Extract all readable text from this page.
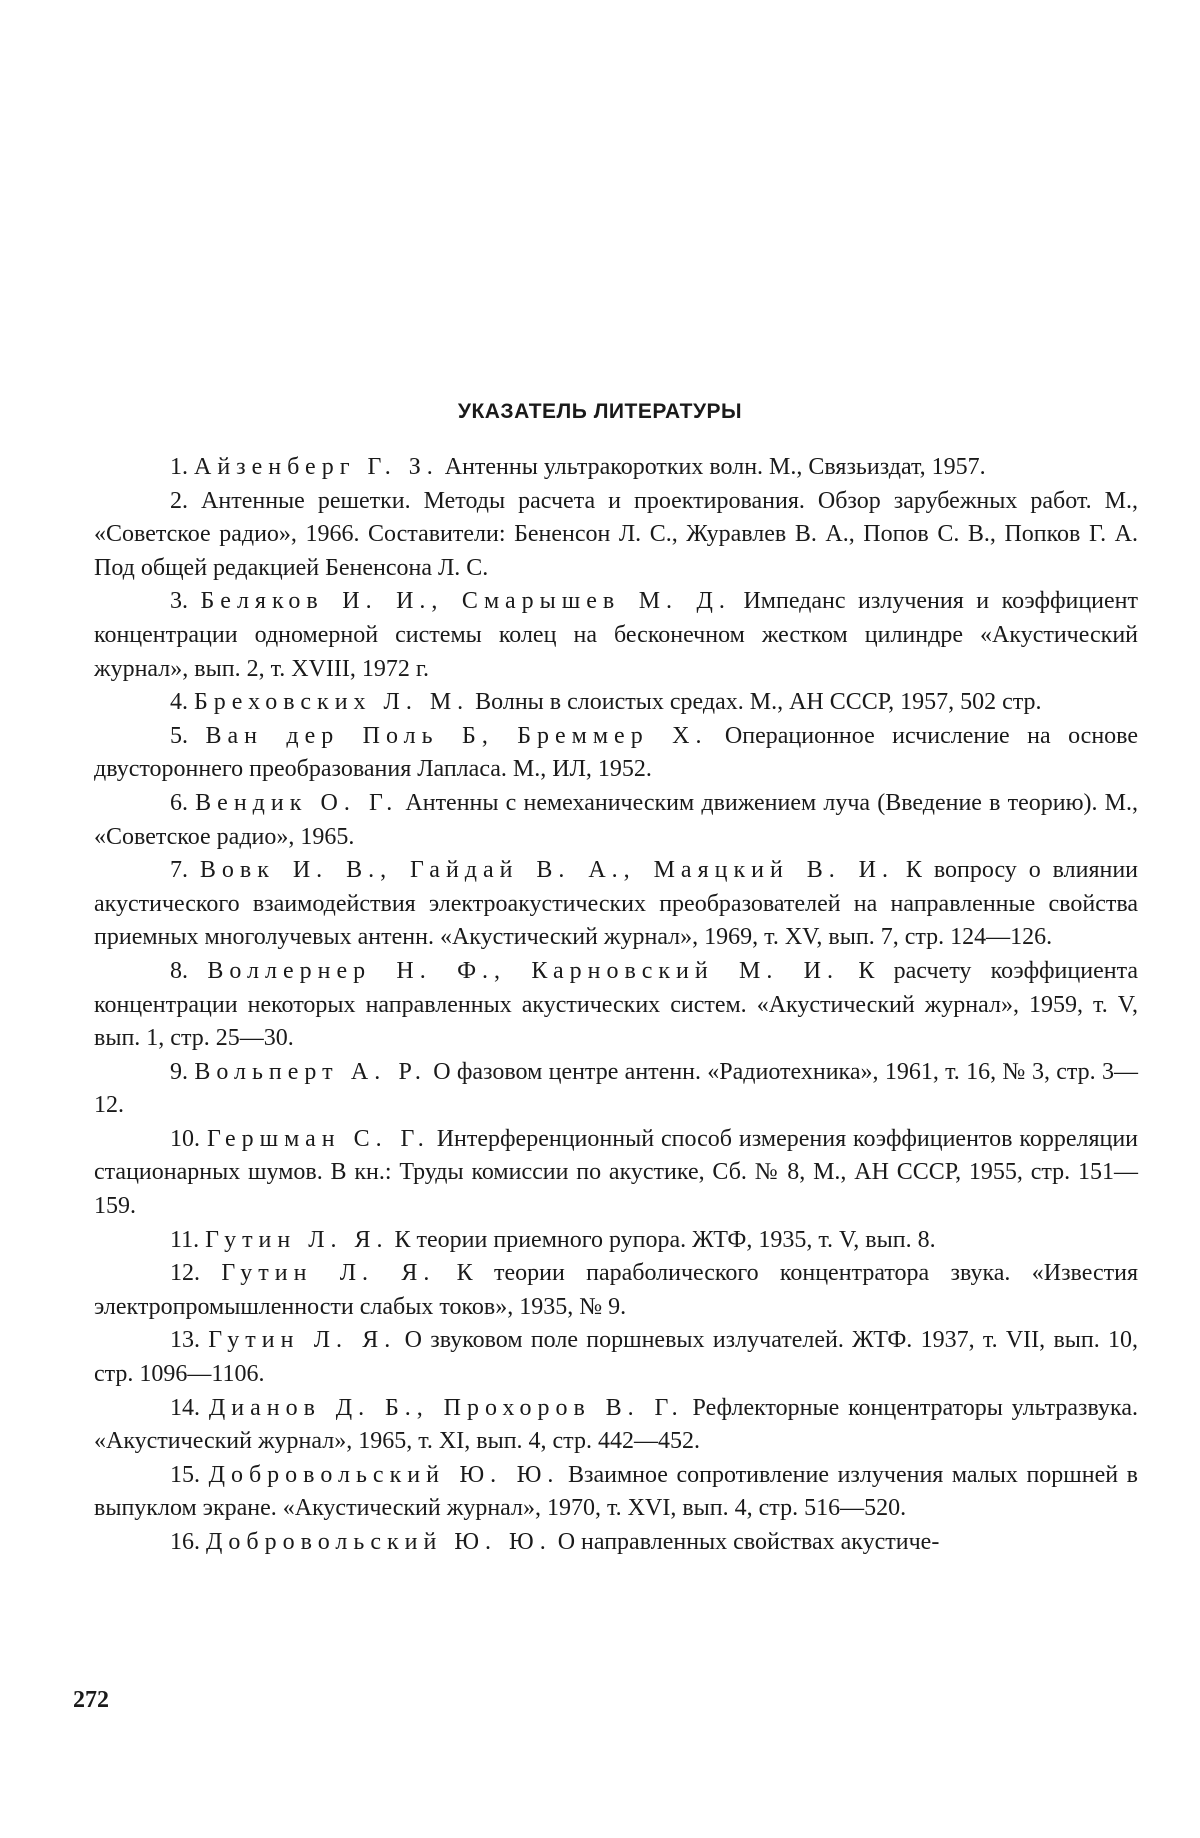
УКАЗАТЕЛЬ ЛИТЕРАТУРЫ

1. Айзенберг Г. З. Антенны ультракоротких волн. М., Связьиздат, 1957.

2. Антенные решетки. Методы расчета и проектирования. Обзор зарубежных работ. М., «Советское радио», 1966. Составители: Бененсон Л. С., Журавлев В. А., Попов С. В., Попков Г. А. Под общей редакцией Бененсона Л. С.

3. Беляков И. И., Смарышев М. Д. Импеданс излучения и коэффициент концентрации одномерной системы колец на бесконечном жестком цилиндре «Акустический журнал», вып. 2, т. XVIII, 1972 г.

4. Бреховских Л. М. Волны в слоистых средах. М., АН СССР, 1957, 502 стр.

5. Ван дер Поль Б, Бреммер Х. Операционное исчисление на основе двустороннего преобразования Лапласа. М., ИЛ, 1952.

6. Вендик О. Г. Антенны с немеханическим движением луча (Введение в теорию). М., «Советское радио», 1965.

7. Вовк И. В., Гайдай В. А., Маяцкий В. И. К вопросу о влиянии акустического взаимодействия электроакустических преобразователей на направленные свойства приемных многолучевых антенн. «Акустический журнал», 1969, т. XV, вып. 7, стр. 124—126.

8. Воллернер Н. Ф., Карновский М. И. К расчету коэффициента концентрации некоторых направленных акустических систем. «Акустический журнал», 1959, т. V, вып. 1, стр. 25—30.

9. Вольперт А. Р. О фазовом центре антенн. «Радиотехника», 1961, т. 16, № 3, стр. 3—12.

10. Гершман С. Г. Интерференционный способ измерения коэффициентов корреляции стационарных шумов. В кн.: Труды комиссии по акустике, Сб. № 8, М., АН СССР, 1955, стр. 151—159.

11. Гутин Л. Я. К теории приемного рупора. ЖТФ, 1935, т. V, вып. 8.

12. Гутин Л. Я. К теории параболического концентратора звука. «Известия электропромышленности слабых токов», 1935, № 9.

13. Гутин Л. Я. О звуковом поле поршневых излучателей. ЖТФ. 1937, т. VII, вып. 10, стр. 1096—1106.

14. Дианов Д. Б., Прохоров В. Г. Рефлекторные концентраторы ультразвука. «Акустический журнал», 1965, т. XI, вып. 4, стр. 442—452.

15. Добровольский Ю. Ю. Взаимное сопротивление излучения малых поршней в выпуклом экране. «Акустический журнал», 1970, т. XVI, вып. 4, стр. 516—520.

16. Добровольский Ю. Ю. О направленных свойствах акустиче-

272
